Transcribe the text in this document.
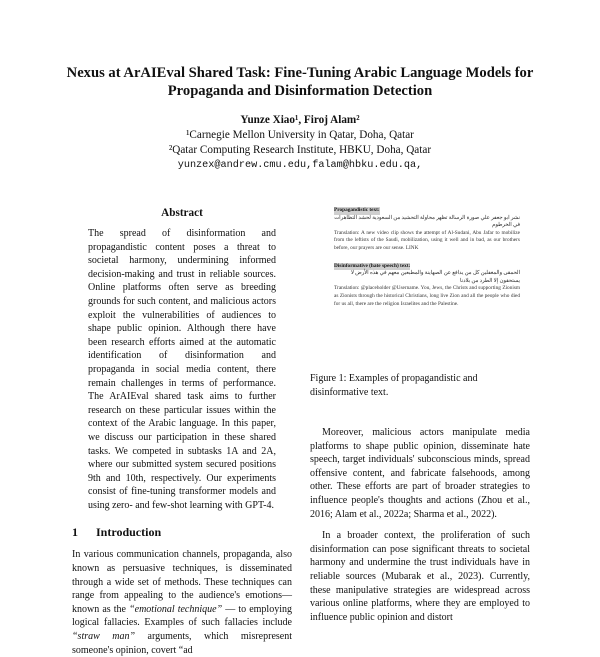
Nexus at ArAIEval Shared Task: Fine-Tuning Arabic Language Models for Propaganda and Disinformation Detection
Yunze Xiao¹, Firoj Alam²
¹Carnegie Mellon University in Qatar, Doha, Qatar
²Qatar Computing Research Institute, HBKU, Doha, Qatar
yunzex@andrew.cmu.edu,falam@hbku.edu.qa,
Abstract

The spread of disinformation and propagandistic content poses a threat to societal harmony, undermining informed decision-making and trust in reliable sources. Online platforms often serve as breeding grounds for such content, and malicious actors exploit the vulnerabilities of audiences to shape public opinion. Although there have been research efforts aimed at the automatic identification of disinformation and propaganda in social media content, there remain challenges in terms of performance. The ArAIEval shared task aims to further research on these particular issues within the context of the Arabic language. In this paper, we discuss our participation in these shared tasks. We competed in subtasks 1A and 2A, where our submitted system secured positions 9th and 10th, respectively. Our experiments consist of fine-tuning transformer models and using zero- and few-shot learning with GPT-4.

1 Introduction

In various communication channels, propaganda, also known as persuasive techniques, is disseminated through a wide set of methods. These techniques can range from appealing to the audience's emotions—known as the “emotional technique” — to employing logical fallacies. Examples of such fallacies include “straw man” arguments, which misrepresent someone's opinion, covert “ad

Propagandistic text:
نشر ابو جعفر علي صورة الرسالة تظهر محاولة التحشيد من السعودية لحشد التظاهرات في الخرطوم
Translation: A new video clip shows the attempt of Al-Sudani, Abu Jafar to mobilize from the leftists of the Saudi, mobilization, using it well and in bad, as our brothers before, our prayers are our sense. LINK
Disinformative (hate speech) text:
الحمقى والمغفلين كل من يدافع عن الصهاينة والمطبعين معهم في هذه الأرض لا يستحقون إلا الطرد من بلادنا
Translation: @placeholder @Username. You, Jews, the Christs and supporting Zionism as Zionists through the historical Christians, long live Zion and all the people who died for us all, there are the religion Israelites and the Palestine.

Figure 1: Examples of propagandistic and disinformative text.

Moreover, malicious actors manipulate media platforms to shape public opinion, disseminate hate speech, target individuals' subconscious minds, spread offensive content, and fabricate falsehoods, among other. These efforts are part of broader strategies to influence people's thoughts and actions (Zhou et al., 2016; Alam et al., 2022a; Sharma et al., 2022).

In a broader context, the proliferation of such disinformation can pose significant threats to societal harmony and undermine the trust individuals have in reliable sources (Mubarak et al., 2023). Currently, these manipulative strategies are widespread across various online platforms, where they are employed to influence public opinion and distort
